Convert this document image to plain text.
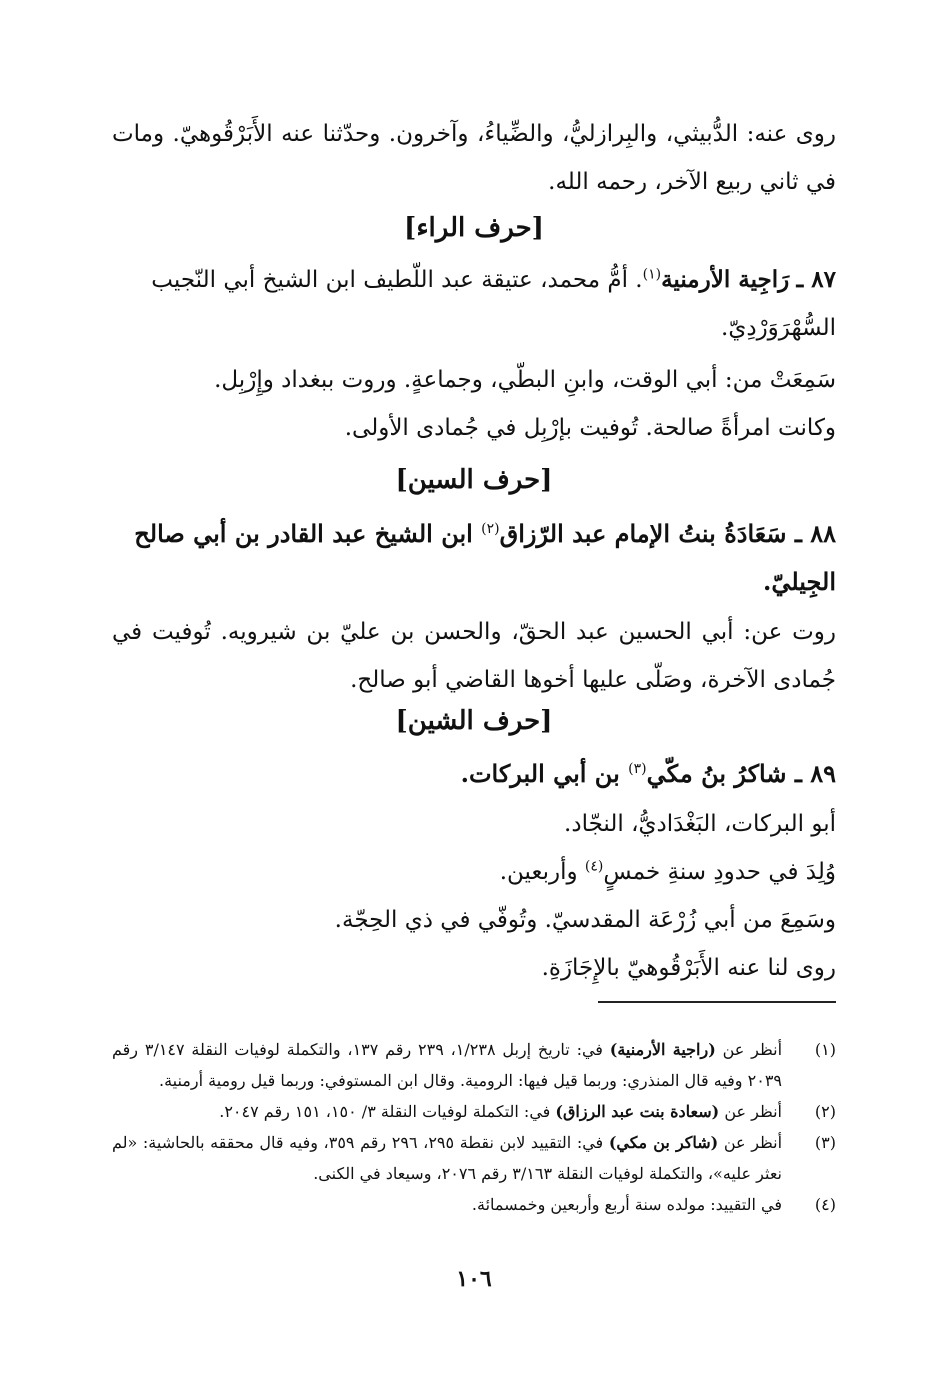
روى عنه: الدُّبيثي، والبِرازليُّ، والضِّياءُ، وآخرون. وحدّثنا عنه الأَبَرْقُوهيّ. ومات في ثاني ربيع الآخر، رحمه الله.
[حرف الراء]
٨٧ ـ رَاجِية الأرمنية$^{(١)}$. أمُّ محمد، عتيقة عبد اللّطيف ابن الشيخ أبي النّجيب السُّهْرَوَرْدِيّ.
سَمِعَتْ من: أبي الوقت، وابنِ البطّي، وجماعةٍ. وروت ببغداد وإِرْبِل.
وكانت امرأةً صالحة. تُوفيت بإرْبِل في جُمادى الأولى.
[حرف السين]
٨٨ ـ سَعَادَةُ بنتُ الإمام عبد الرّزاق$^{(٢)}$ ابن الشيخ عبد القادر بن أبي صالح الجِيليّ.
روت عن: أبي الحسين عبد الحقّ، والحسن بن عليّ بن شيرويه. تُوفيت في جُمادى الآخرة، وصَلّى عليها أخوها القاضي أبو صالح.
[حرف الشين]
٨٩ ـ شاكرُ بنُ مكّي$^{(٣)}$ بن أبي البركات.
أبو البركات، البَغْدَاديُّ، النجّاد.
وُلِدَ في حدودِ سنةِ خمسٍ$^{(٤)}$ وأربعين.
وسَمِعَ من أبي زُرْعَة المقدسيّ. وتُوفّي في ذي الحِجّة.
روى لنا عنه الأَبَرْقُوهيّ بالإِجَازَةِ.
(١)
أنظر عن (راجية الأرمنية) في: تاريخ إربل ١/٢٣٨، ٢٣٩ رقم ١٣٧، والتكملة لوفيات النقلة ٣/١٤٧ رقم ٢٠٣٩ وفيه قال المنذري: وربما قيل فيها: الرومية. وقال ابن المستوفي: وربما قيل رومية أرمنية.
(٢)
أنظر عن (سعادة بنت عبد الرزاق) في: التكملة لوفيات النقلة ٣/ ١٥٠، ١٥١ رقم ٢٠٤٧.
(٣)
أنظر عن (شاكر بن مكي) في: التقييد لابن نقطة ٢٩٥، ٢٩٦ رقم ٣٥٩، وفيه قال محققه بالحاشية: «لم نعثر عليه»، والتكملة لوفيات النقلة ٣/١٦٣ رقم ٢٠٧٦، وسيعاد في الكنى.
(٤)
في التقييد: مولده سنة أربع وأربعين وخمسمائة.
١٠٦
